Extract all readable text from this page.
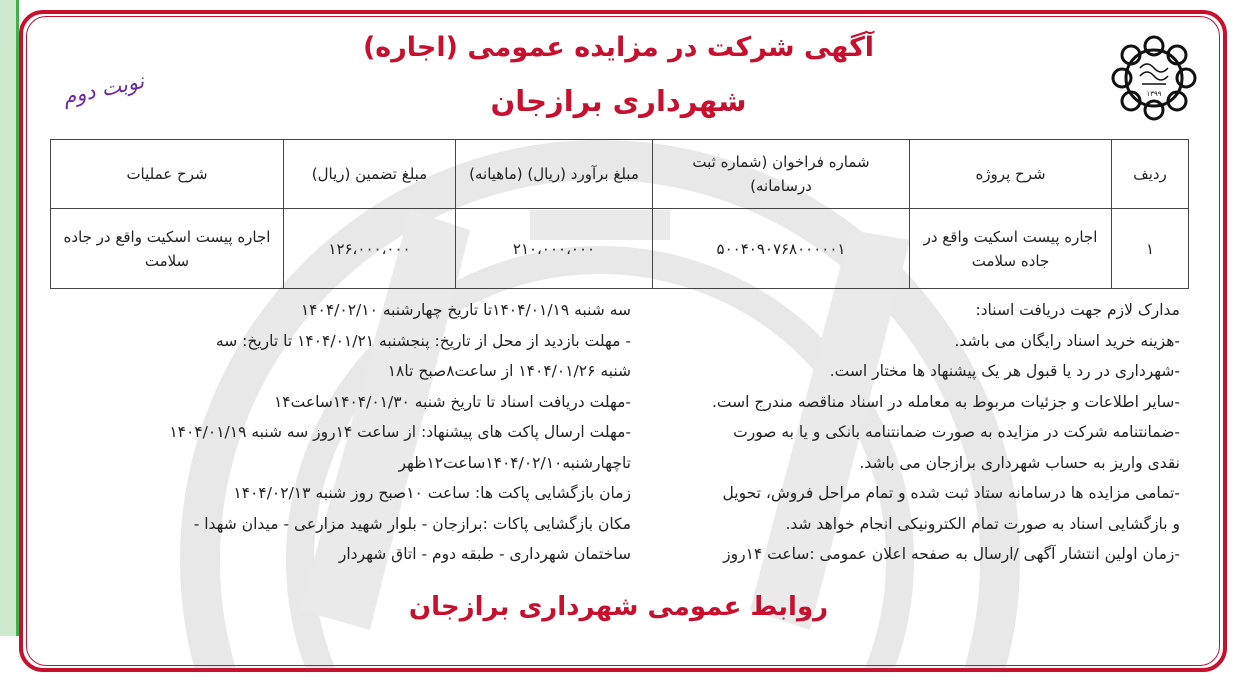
۱۳۹۹
نوبت دوم
آگهی شرکت در مزایده عمومی (اجاره)
شهرداری برازجان
ردیف	شرح پروژه	شماره فراخوان (شماره ثبت درسامانه)	مبلغ برآورد (ریال) (ماهیانه)	مبلغ تضمین (ریال)	شرح عملیات
۱	اجاره پیست اسکیت واقع در جاده سلامت	۵۰۰۴۰۹۰۷۶۸۰۰۰۰۰۱	۲۱۰،۰۰۰،۰۰۰	۱۲۶،۰۰۰،۰۰۰	اجاره پیست اسکیت واقع در جاده سلامت
مدارک لازم جهت دریافت اسناد:
-هزینه خرید اسناد رایگان می باشد.
-شهرداری در رد یا قبول هر یک پیشنهاد ها مختار است.
-سایر اطلاعات و جزئیات مربوط به معامله در اسناد مناقصه مندرج است.
-ضمانتنامه شرکت در مزایده به صورت ضمانتنامه بانکی و یا به صورت
نقدی واریز به حساب شهرداری برازجان می باشد.
-تمامی مزایده ها درسامانه ستاد ثبت شده و تمام مراحل فروش، تحویل
و بازگشایی اسناد به صورت تمام الکترونیکی انجام خواهد شد.
-زمان اولین انتشار آگهی /ارسال به صفحه اعلان عمومی :ساعت ۱۴روز
سه شنبه ۱۴۰۴/۰۱/۱۹تا تاریخ چهارشنبه ۱۴۰۴/۰۲/۱۰
- مهلت بازدید از محل از تاریخ: پنجشنبه ۱۴۰۴/۰۱/۲۱ تا تاریخ: سه
شنبه ۱۴۰۴/۰۱/۲۶ از ساعت۸صبح تا۱۸
-مهلت دریافت اسناد تا تاریخ شنبه ۱۴۰۴/۰۱/۳۰ساعت۱۴
-مهلت ارسال پاکت های پیشنهاد: از ساعت ۱۴روز سه شنبه ۱۴۰۴/۰۱/۱۹
تاچهارشنبه۱۴۰۴/۰۲/۱۰ساعت۱۲ظهر
زمان بازگشایی پاکت ها: ساعت ۱۰صبح روز شنبه ۱۴۰۴/۰۲/۱۳
مکان بازگشایی پاکات :برازجان - بلوار شهید مزارعی - میدان شهدا -
ساختمان شهرداری - طبقه دوم - اتاق شهردار
روابط عمومی شهرداری برازجان
